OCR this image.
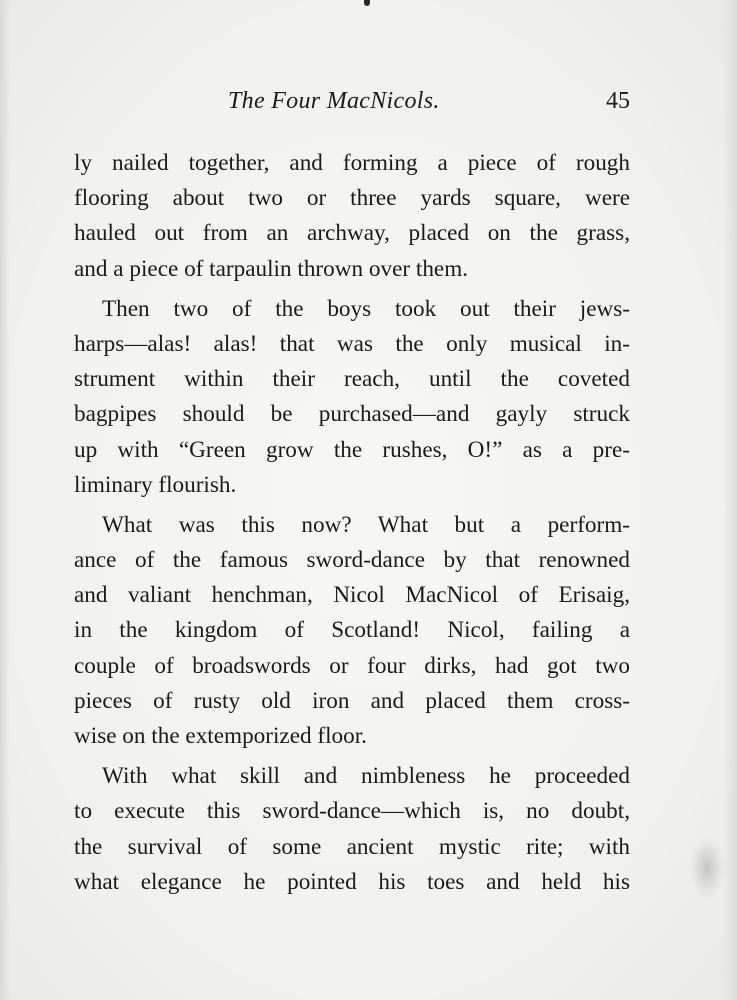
The Four MacNicols.	45
ly nailed together, and forming a piece of rough
flooring about two or three yards square, were
hauled out from an archway, placed on the grass,
and a piece of tarpaulin thrown over them.
Then two of the boys took out their jews-
harps—alas! alas! that was the only musical in-
strument within their reach, until the coveted
bagpipes should be purchased—and gayly struck
up with “Green grow the rushes, O!” as a pre-
liminary flourish.
What was this now? What but a perform-
ance of the famous sword-dance by that renowned
and valiant henchman, Nicol MacNicol of Erisaig,
in the kingdom of Scotland! Nicol, failing a
couple of broadswords or four dirks, had got two
pieces of rusty old iron and placed them cross-
wise on the extemporized floor.
With what skill and nimbleness he proceeded
to execute this sword-dance—which is, no doubt,
the survival of some ancient mystic rite; with
what elegance he pointed his toes and held his
